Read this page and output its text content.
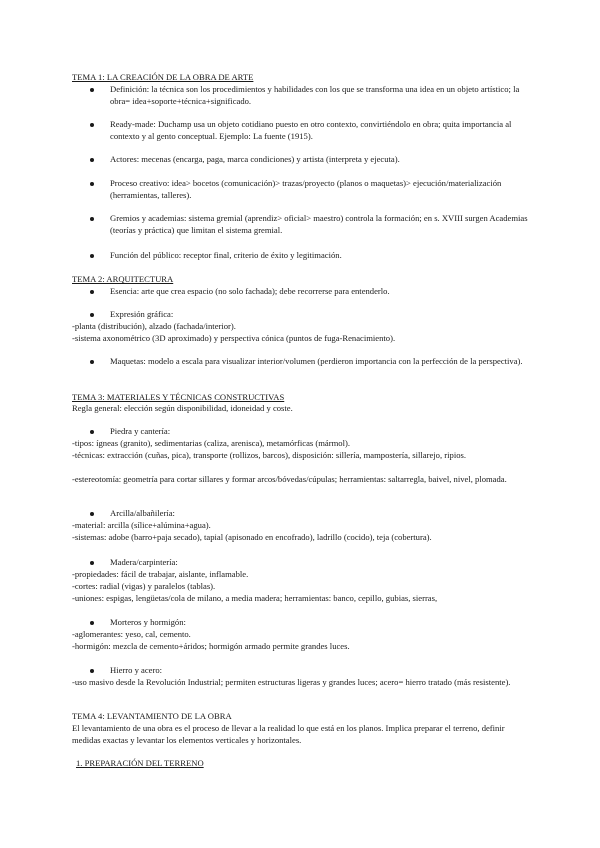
TEMA 1: LA CREACIÓN DE LA OBRA DE ARTE
Definición: la técnica son los procedimientos y habilidades con los que se transforma una idea en un objeto artístico; la obra= idea+soporte+técnica+significado.
Ready-made: Duchamp usa un objeto cotidiano puesto en otro contexto, convirtiéndolo en obra; quita importancia al contexto y al gento conceptual. Ejemplo: La fuente (1915).
Actores: mecenas (encarga, paga, marca condiciones) y artista (interpreta y ejecuta).
Proceso creativo: idea> bocetos (comunicación)> trazas/proyecto (planos o maquetas)> ejecución/materialización (herramientas, talleres).
Gremios y academias: sistema gremial (aprendiz> oficial> maestro) controla la formación; en s. XVIII surgen Academias (teorías y práctica) que limitan el sistema gremial.
Función del público: receptor final, criterio de éxito y legitimación.
TEMA 2: ARQUITECTURA
Esencia: arte que crea espacio (no solo fachada); debe recorrerse para entenderlo.
Expresión gráfica:
-planta (distribución), alzado (fachada/interior).
-sistema axonométrico (3D aproximado) y perspectiva cónica (puntos de fuga-Renacimiento).
Maquetas: modelo a escala para visualizar interior/volumen (perdieron importancia con la perfección de la perspectiva).
TEMA 3: MATERIALES Y TÉCNICAS CONSTRUCTIVAS
Regla general: elección según disponibilidad, idoneidad y coste.
Piedra y cantería:
-tipos: ígneas (granito), sedimentarias (caliza, arenisca), metamórficas (mármol).
-técnicas: extracción (cuñas, pica), transporte (rollizos, barcos), disposición: sillería, mampostería, sillarejo, ripios.
-estereotomía: geometría para cortar sillares y formar arcos/bóvedas/cúpulas; herramientas: saltarregla, baivel, nivel, plomada.
Arcilla/albañilería:
-material: arcilla (sílice+alúmina+agua).
-sistemas: adobe (barro+paja secado), tapial (apisonado en encofrado), ladrillo (cocido), teja (cobertura).
Madera/carpintería:
-propiedades: fácil de trabajar, aislante, inflamable.
-cortes: radial (vigas) y paralelos (tablas).
-uniones: espigas, lengüetas/cola de milano, a media madera; herramientas: banco, cepillo, gubias, sierras,
Morteros y hormigón:
-aglomerantes: yeso, cal, cemento.
-hormigón: mezcla de cemento+áridos; hormigón armado permite grandes luces.
Hierro y acero:
-uso masivo desde la Revolución Industrial; permiten estructuras ligeras y grandes luces; acero= hierro tratado (más resistente).
TEMA 4: LEVANTAMIENTO DE LA OBRA
El levantamiento de una obra es el proceso de llevar a la realidad lo que está en los planos. Implica preparar el terreno, definir medidas exactas y levantar los elementos verticales y horizontales.
1. PREPARACIÓN DEL TERRENO
